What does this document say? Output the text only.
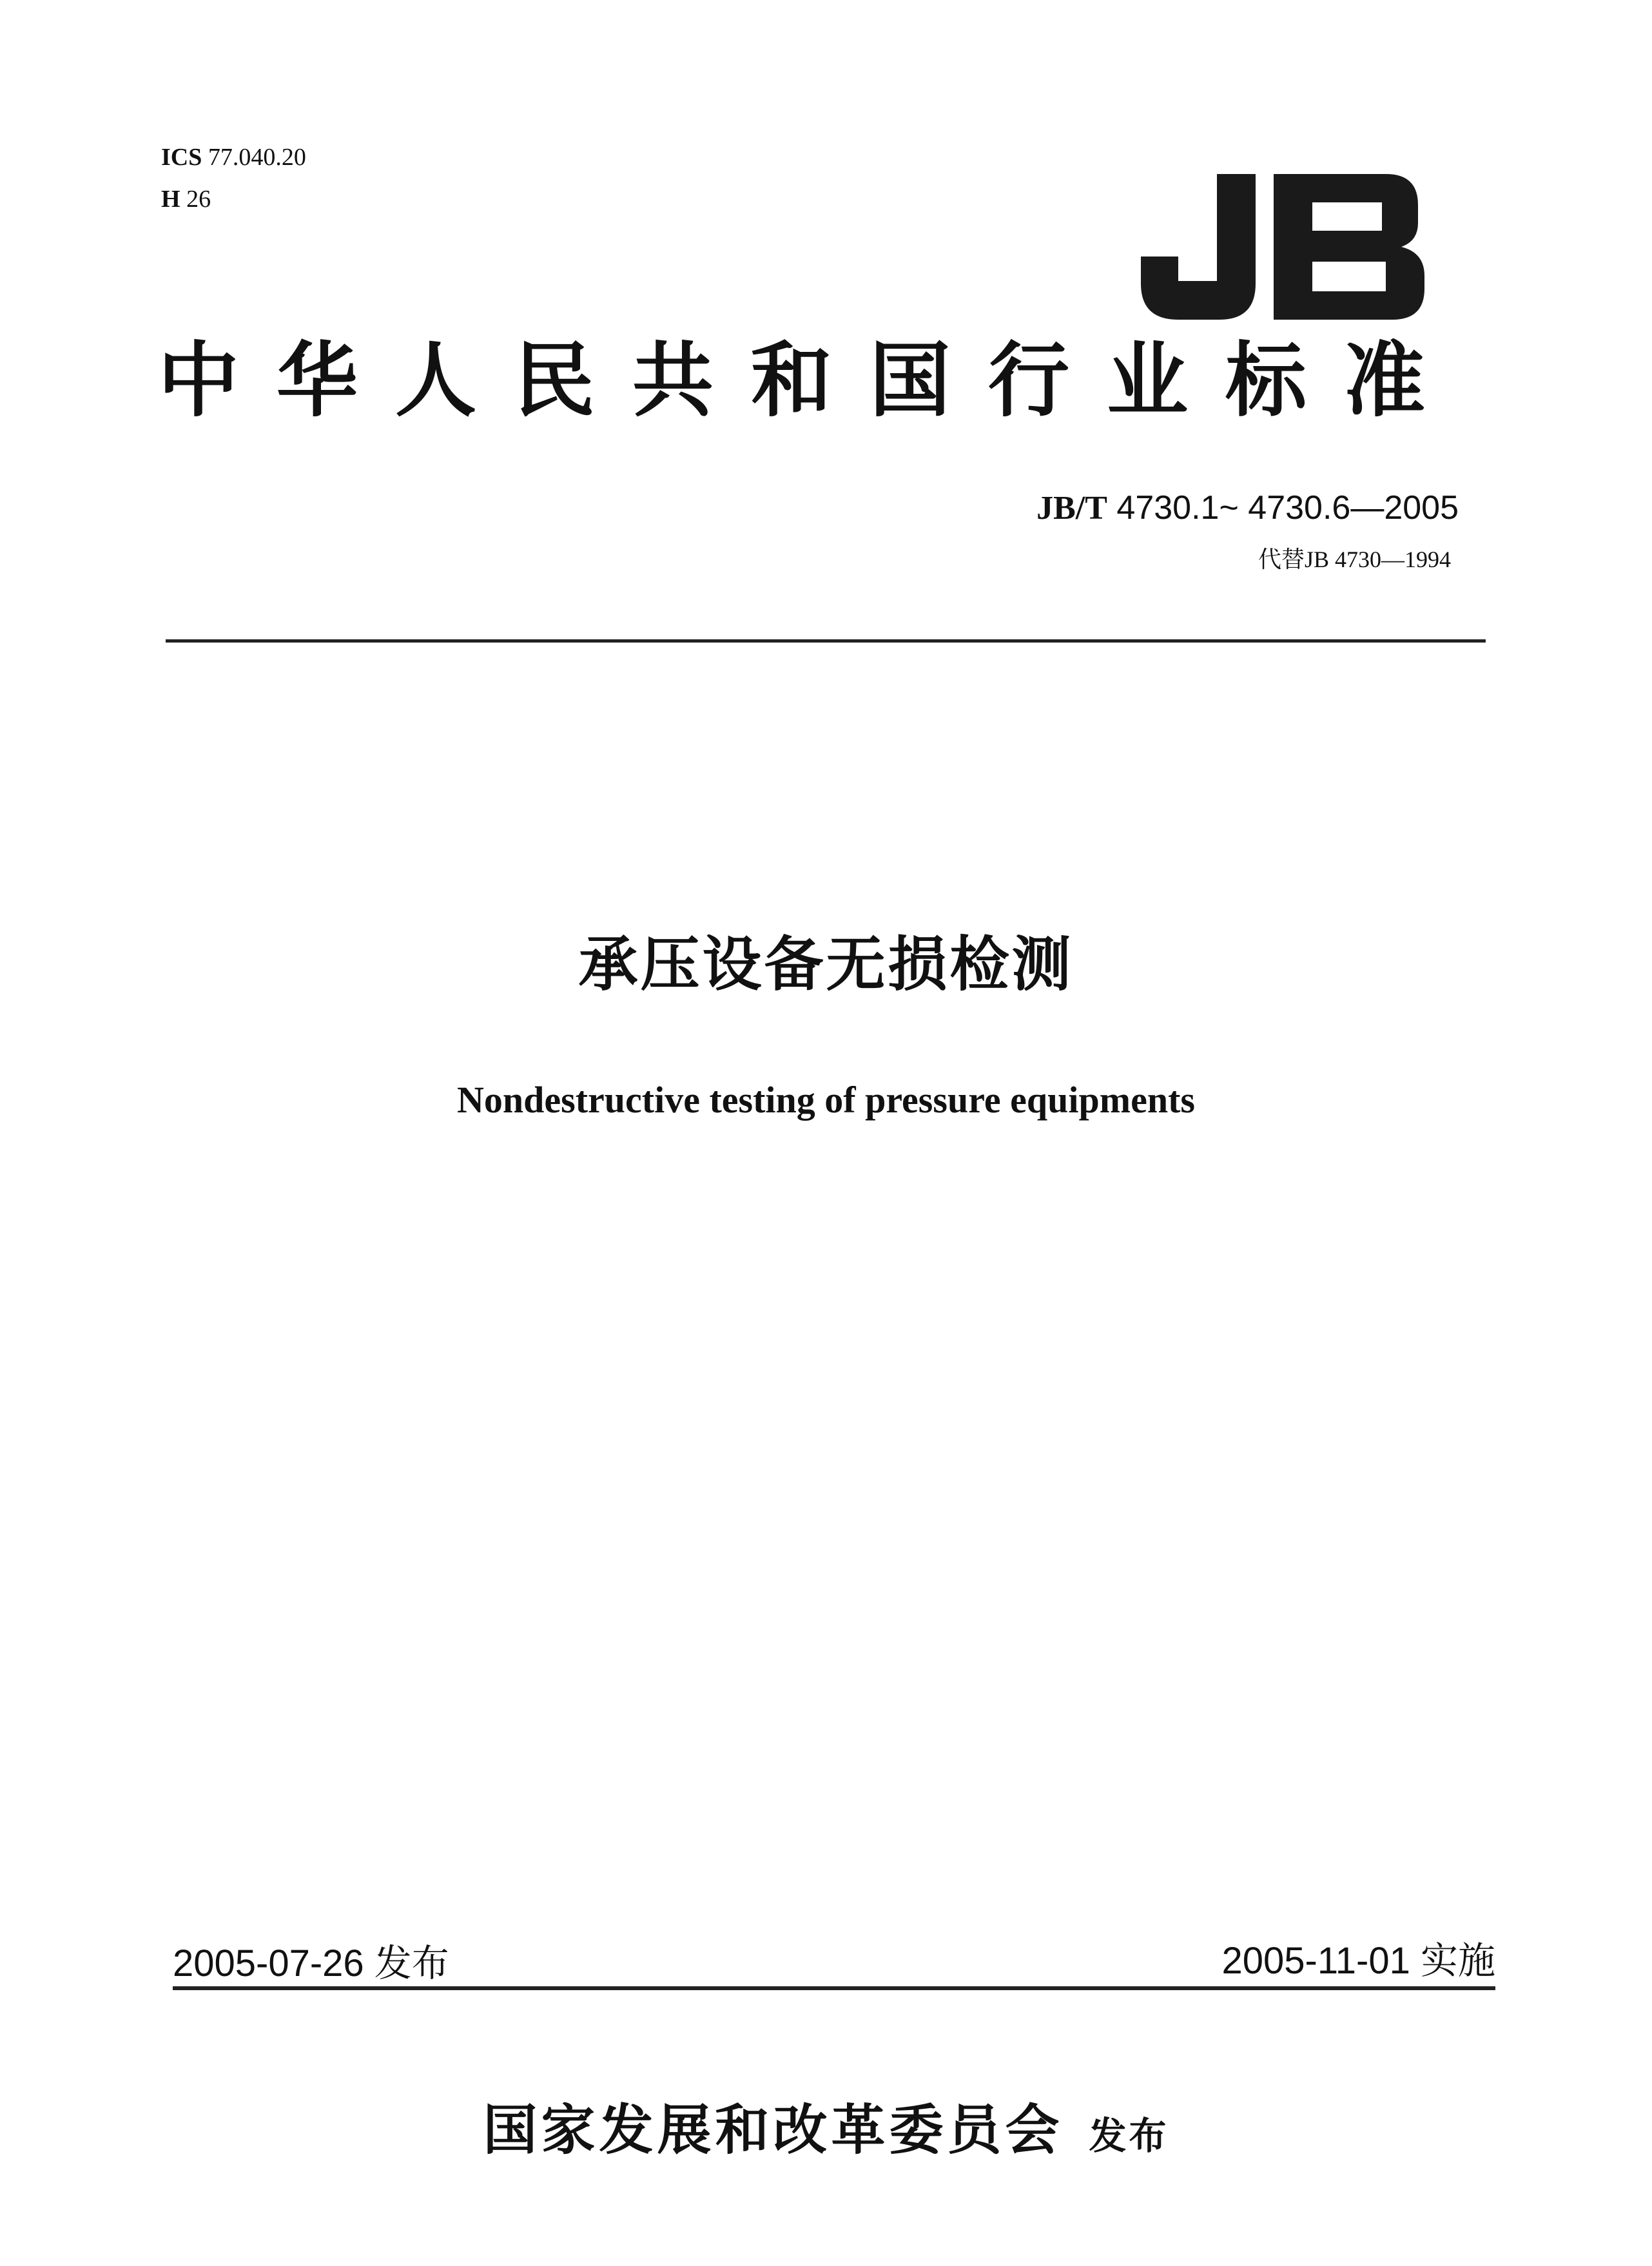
ICS 77.040.20
H 26
中华人民共和国行业标准
JB/T 4730.1~ 4730.6—2005
代替JB 4730—1994
承压设备无损检测
Nondestructive testing of pressure equipments
2005-07-26 发布	2005-11-01 实施
国家发展和改革委员会 发布
